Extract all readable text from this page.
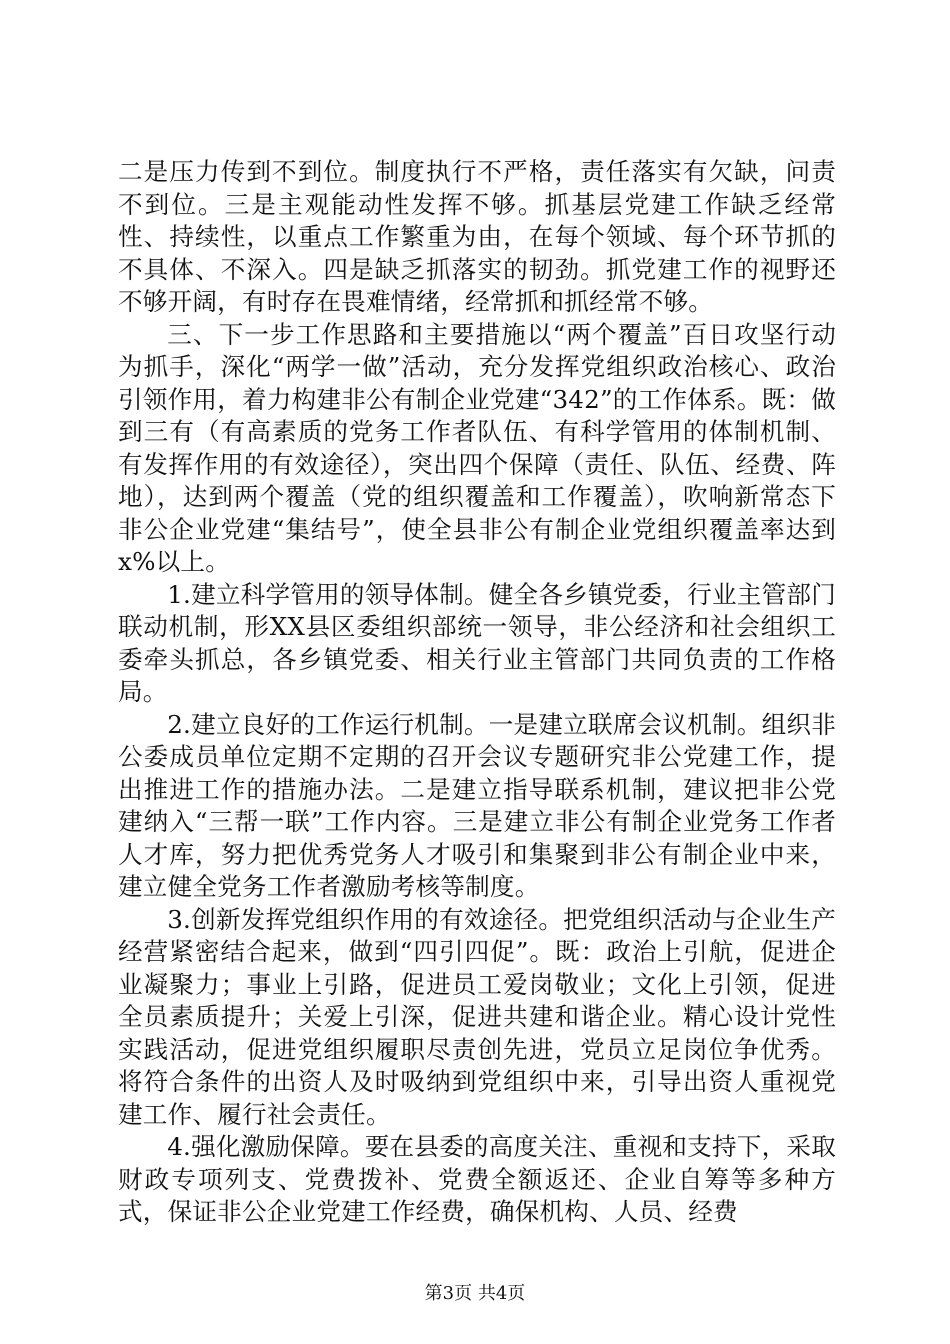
二是压力传到不到位。制度执行不严格，责任落实有欠缺，问责不到位。三是主观能动性发挥不够。抓基层党建工作缺乏经常性、持续性，以重点工作繁重为由，在每个领域、每个环节抓的不具体、不深入。四是缺乏抓落实的韧劲。抓党建工作的视野还不够开阔，有时存在畏难情绪，经常抓和抓经常不够。

三、下一步工作思路和主要措施以“两个覆盖”百日攻坚行动为抓手，深化“两学一做”活动，充分发挥党组织政治核心、政治引领作用，着力构建非公有制企业党建“342”的工作体系。既：做到三有（有高素质的党务工作者队伍、有科学管用的体制机制、有发挥作用的有效途径），突出四个保障（责任、队伍、经费、阵地），达到两个覆盖（党的组织覆盖和工作覆盖），吹响新常态下非公企业党建“集结号”，使全县非公有制企业党组织覆盖率达到x%以上。

1.建立科学管用的领导体制。健全各乡镇党委，行业主管部门联动机制，形XX县区委组织部统一领导，非公经济和社会组织工委牵头抓总，各乡镇党委、相关行业主管部门共同负责的工作格局。

2.建立良好的工作运行机制。一是建立联席会议机制。组织非公委成员单位定期不定期的召开会议专题研究非公党建工作，提出推进工作的措施办法。二是建立指导联系机制，建议把非公党建纳入“三帮一联”工作内容。三是建立非公有制企业党务工作者人才库，努力把优秀党务人才吸引和集聚到非公有制企业中来，建立健全党务工作者激励考核等制度。

3.创新发挥党组织作用的有效途径。把党组织活动与企业生产经营紧密结合起来，做到“四引四促”。既：政治上引航，促进企业凝聚力；事业上引路，促进员工爱岗敬业；文化上引领，促进全员素质提升；关爱上引深，促进共建和谐企业。精心设计党性实践活动，促进党组织履职尽责创先进，党员立足岗位争优秀。将符合条件的出资人及时吸纳到党组织中来，引导出资人重视党建工作、履行社会责任。

4.强化激励保障。要在县委的高度关注、重视和支持下，采取财政专项列支、党费拨补、党费全额返还、企业自筹等多种方式，保证非公企业党建工作经费，确保机构、人员、经费

第3页 共4页
